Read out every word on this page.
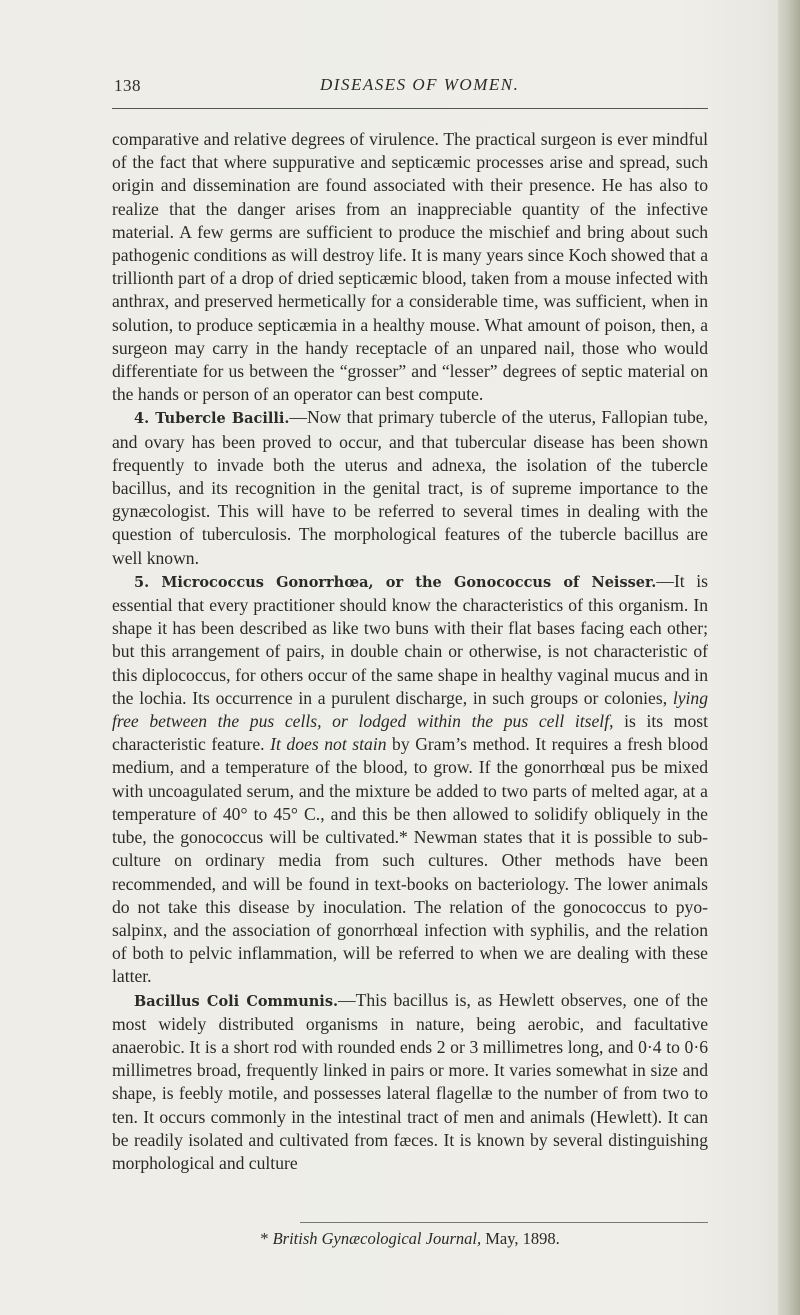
138	DISEASES OF WOMEN.

comparative and relative degrees of virulence. The practical surgeon is ever mindful of the fact that where suppurative and septicæmic processes arise and spread, such origin and dissemination are found associated with their presence. He has also to realize that the danger arises from an inappreciable quantity of the infective material. A few germs are sufficient to produce the mischief and bring about such pathogenic conditions as will destroy life. It is many years since Koch showed that a trillionth part of a drop of dried septicæmic blood, taken from a mouse infected with anthrax, and preserved hermetically for a considerable time, was sufficient, when in solution, to produce septicæmia in a healthy mouse. What amount of poison, then, a surgeon may carry in the handy receptacle of an unpared nail, those who would differentiate for us between the “grosser” and “lesser” degrees of septic material on the hands or person of an operator can best compute.

4. Tubercle Bacilli.—Now that primary tubercle of the uterus, Fallopian tube, and ovary has been proved to occur, and that tubercular disease has been shown frequently to invade both the uterus and adnexa, the isolation of the tubercle bacillus, and its recognition in the genital tract, is of supreme importance to the gynæcologist. This will have to be referred to several times in dealing with the question of tuberculosis. The morphological features of the tubercle bacillus are well known.

5. Micrococcus Gonorrhœa, or the Gonococcus of Neisser.—It is essential that every practitioner should know the characteristics of this organism. In shape it has been described as like two buns with their flat bases facing each other; but this arrangement of pairs, in double chain or otherwise, is not characteristic of this diplococcus, for others occur of the same shape in healthy vaginal mucus and in the lochia. Its occurrence in a purulent discharge, in such groups or colonies, lying free between the pus cells, or lodged within the pus cell itself, is its most characteristic feature. It does not stain by Gram’s method. It requires a fresh blood medium, and a temperature of the blood, to grow. If the gonorrhœal pus be mixed with uncoagulated serum, and the mixture be added to two parts of melted agar, at a temperature of 40° to 45° C., and this be then allowed to solidify obliquely in the tube, the gonococcus will be cultivated.* Newman states that it is possible to sub-culture on ordinary media from such cultures. Other methods have been recommended, and will be found in text-books on bacteriology. The lower animals do not take this disease by inoculation. The relation of the gonococcus to pyo-salpinx, and the association of gonorrhœal infection with syphilis, and the relation of both to pelvic inflammation, will be referred to when we are dealing with these latter.

Bacillus Coli Communis.—This bacillus is, as Hewlett observes, one of the most widely distributed organisms in nature, being aerobic, and facultative anaerobic. It is a short rod with rounded ends 2 or 3 millimetres long, and 0·4 to 0·6 millimetres broad, frequently linked in pairs or more. It varies somewhat in size and shape, is feebly motile, and possesses lateral flagellæ to the number of from two to ten. It occurs commonly in the intestinal tract of men and animals (Hewlett). It can be readily isolated and cultivated from fæces. It is known by several distinguishing morphological and culture

* British Gynæcological Journal, May, 1898.
